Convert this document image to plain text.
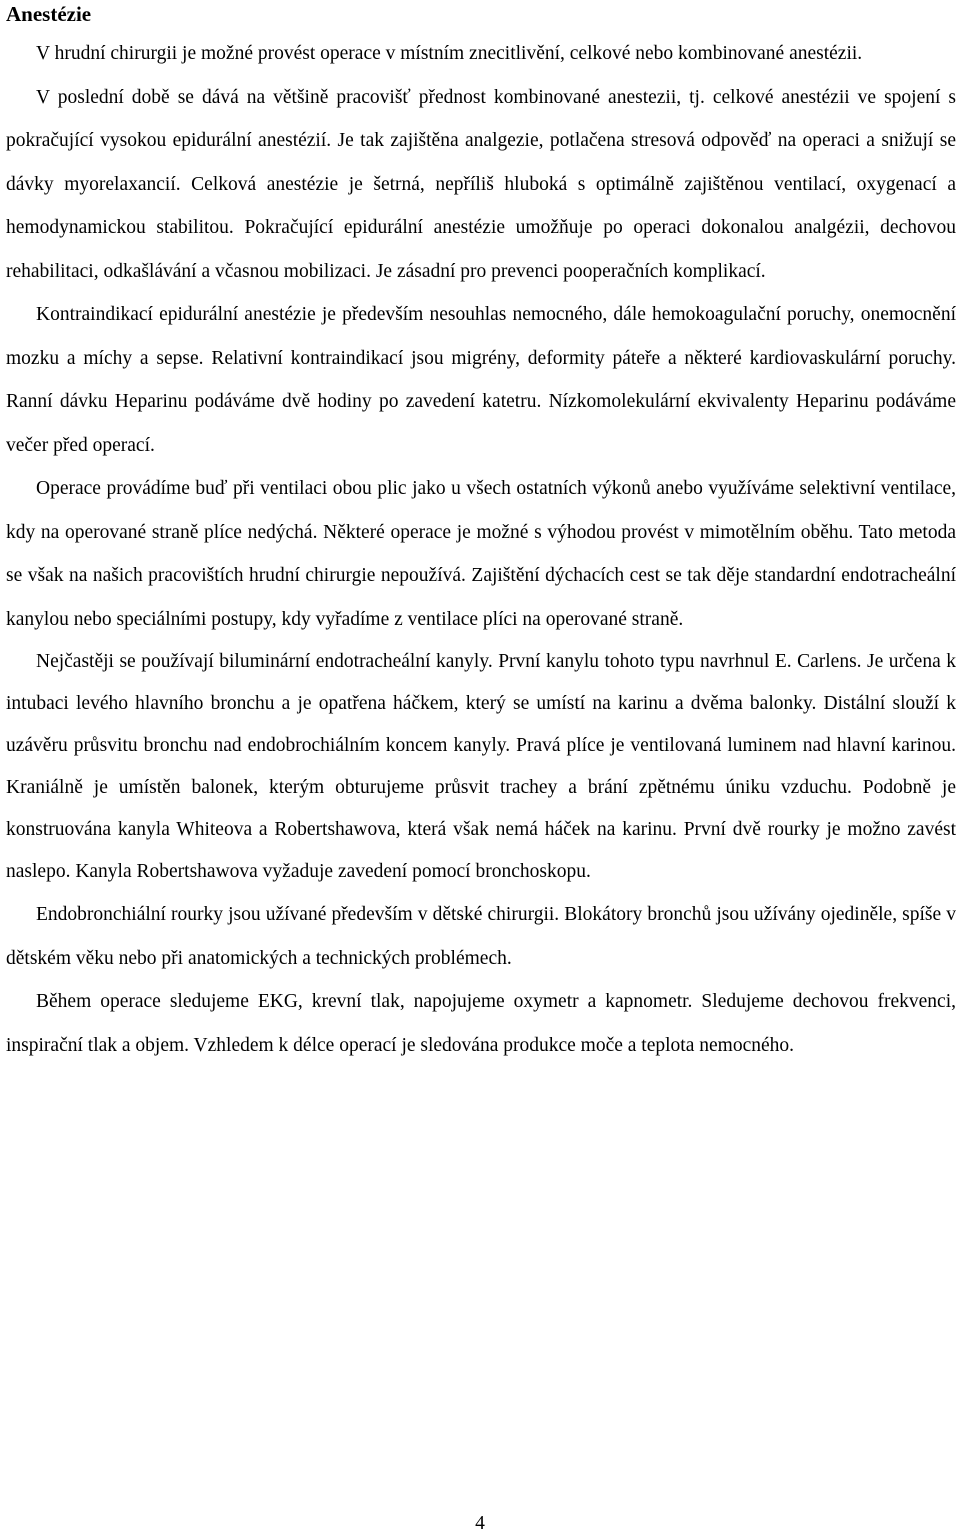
Anestézie

V hrudní chirurgii je možné provést operace v místním znecitlivění, celkové nebo kombinované anestézii.

V poslední době se dává na většině pracovišť přednost kombinované anestezii, tj. celkové anestézii ve spojení s pokračující vysokou epidurální anestézií. Je tak zajištěna analgezie, potlačena stresová odpověď na operaci a snižují se dávky myorelaxancií. Celková anestézie je šetrná, nepříliš hluboká s optimálně zajištěnou ventilací, oxygenací a hemodynamickou stabilitou. Pokračující epidurální anestézie umožňuje po operaci dokonalou analgézii, dechovou rehabilitaci, odkašlávání a včasnou mobilizaci. Je zásadní pro prevenci pooperačních komplikací.

Kontraindikací epidurální anestézie je především nesouhlas nemocného, dále hemokoagulační poruchy, onemocnění mozku a míchy a sepse. Relativní kontraindikací jsou migrény, deformity páteře a některé kardiovaskulární poruchy. Ranní dávku Heparinu podáváme dvě hodiny po zavedení katetru. Nízkomolekulární ekvivalenty Heparinu podáváme večer před operací.

Operace provádíme buď při ventilaci obou plic jako u všech ostatních výkonů anebo využíváme selektivní ventilace, kdy na operované straně plíce nedýchá. Některé operace je možné s výhodou provést v mimotělním oběhu. Tato metoda se však na našich pracovištích hrudní chirurgie nepoužívá. Zajištění dýchacích cest se tak děje standardní endotracheální kanylou nebo speciálními postupy, kdy vyřadíme z ventilace plíci na operované straně.

Nejčastěji se používají biluminární endotracheální kanyly. První kanylu tohoto typu navrhnul E. Carlens. Je určena k intubaci levého hlavního bronchu a je opatřena háčkem, který se umístí na karinu a dvěma balonky. Distální slouží k uzávěru průsvitu bronchu nad endobrochiálním koncem kanyly. Pravá plíce je ventilovaná luminem nad hlavní karinou. Kraniálně je umístěn balonek, kterým obturujeme průsvit trachey a brání zpětnému úniku vzduchu. Podobně je konstruována kanyla Whiteova a Robertshawova, která však nemá háček na karinu. První dvě rourky je možno zavést naslepo. Kanyla Robertshawova vyžaduje zavedení pomocí bronchoskopu.

Endobronchiální rourky jsou užívané především v dětské chirurgii. Blokátory bronchů jsou užívány ojediněle, spíše v dětském věku nebo při anatomických a technických problémech.

Během operace sledujeme EKG, krevní tlak, napojujeme oxymetr a kapnometr. Sledujeme dechovou frekvenci, inspirační tlak a objem. Vzhledem k délce operací je sledována produkce moče a teplota nemocného.

4
